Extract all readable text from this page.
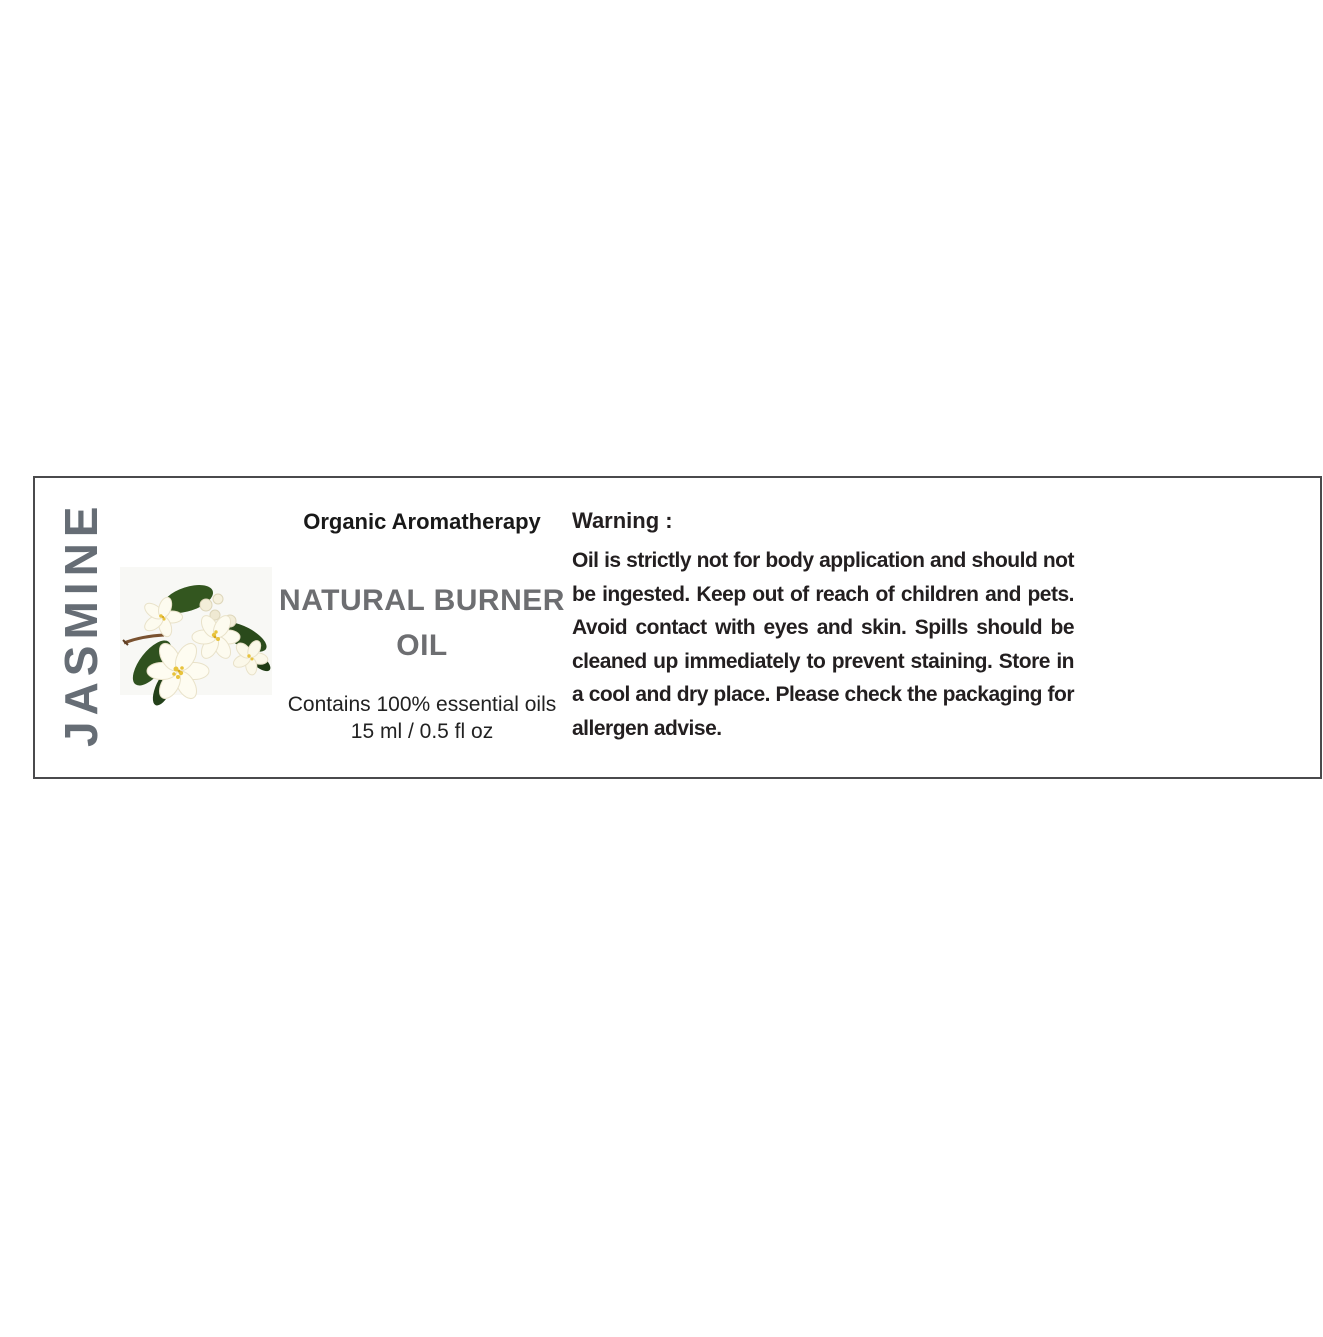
JASMINE	Organic Aromatherapy
NATURAL BURNER OIL
Contains 100% essential oils
15 ml / 0.5 fl oz
Warning :

Oil is strictly not for body application and should not be ingested. Keep out of reach of children and pets. Avoid contact with eyes and skin. Spills should be cleaned up immediately to prevent staining. Store in a cool and dry place. Please check the packaging for allergen advise.
